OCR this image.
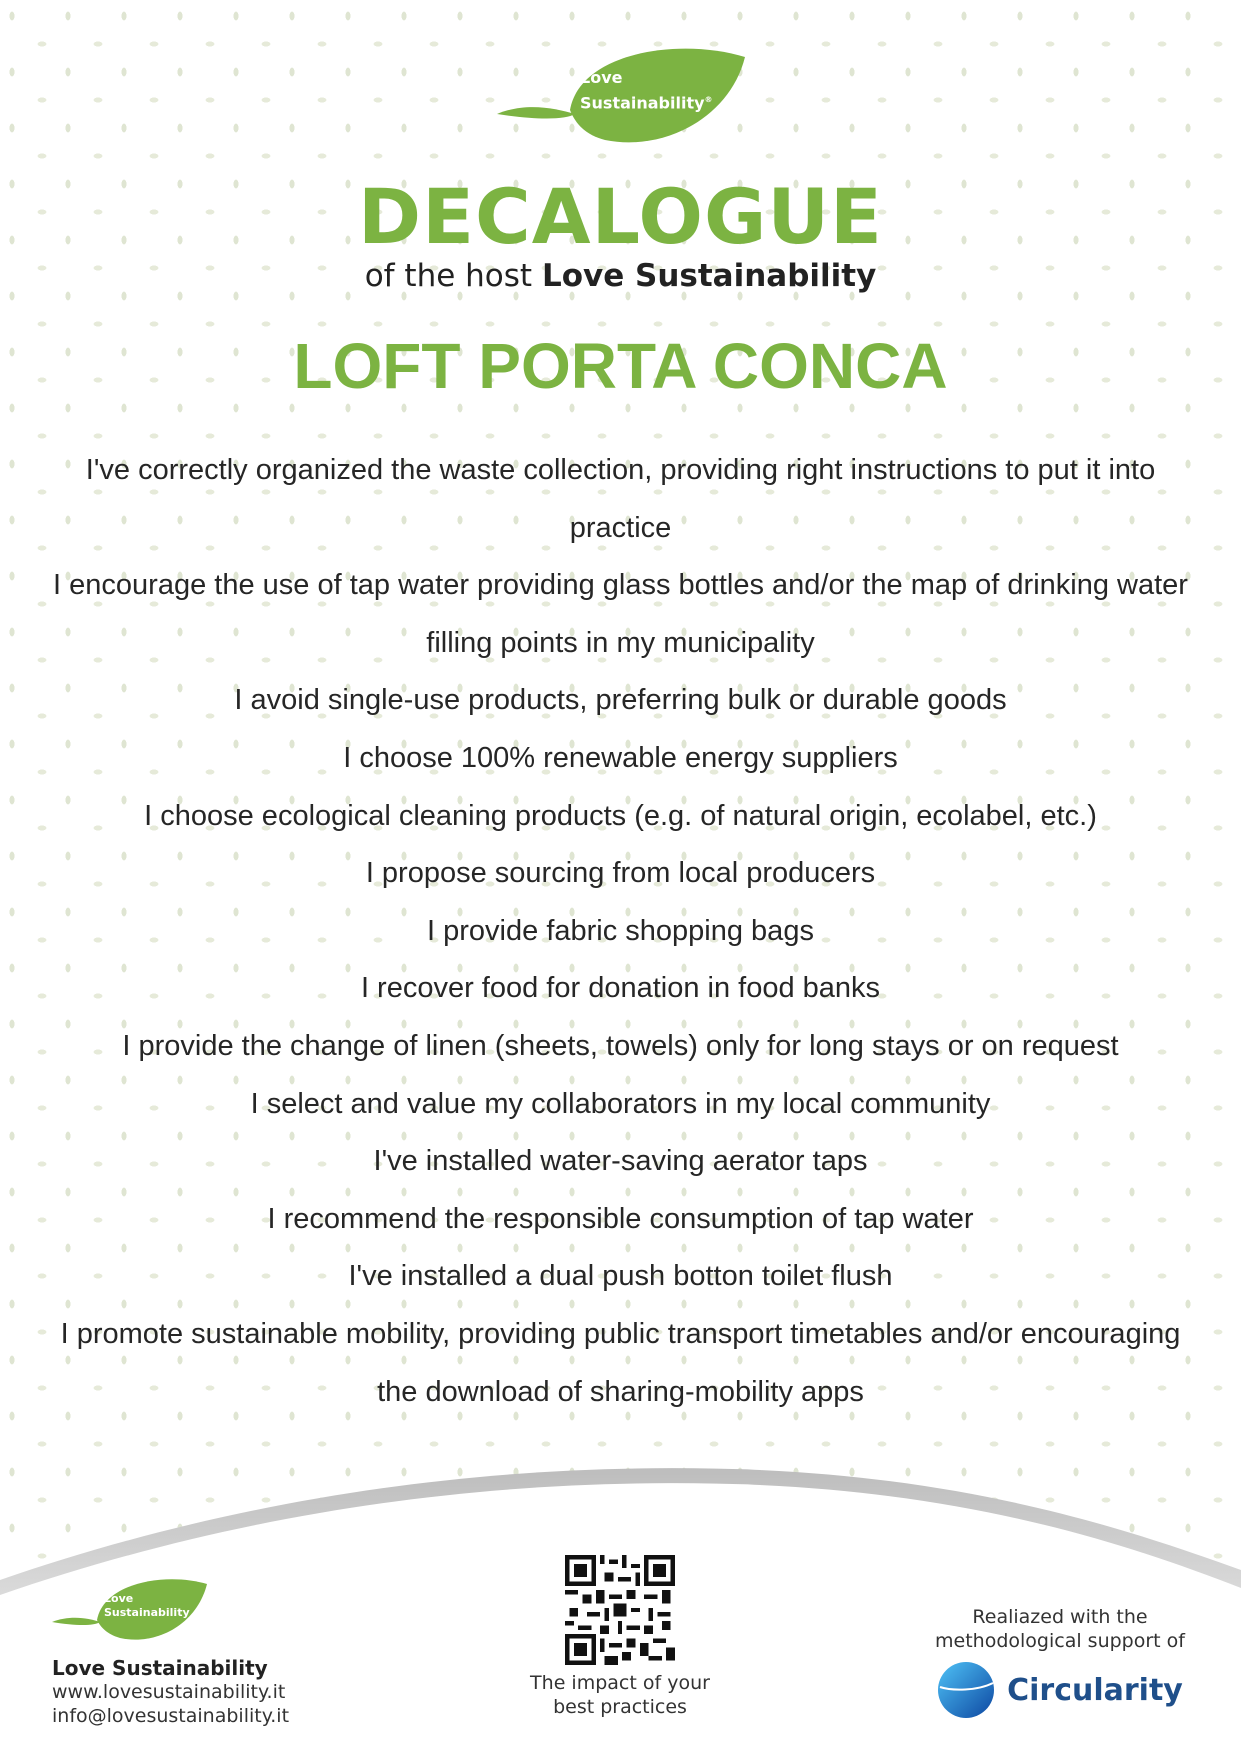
Love
Sustainability®
DECALOGUE
of the host Love Sustainability
LOFT PORTA CONCA

I've correctly organized the waste collection, providing right instructions to put it into practice

I encourage the use of tap water providing glass bottles and/or the map of drinking water filling points in my municipality

I avoid single-use products, preferring bulk or durable goods

I choose 100% renewable energy suppliers

I choose ecological cleaning products (e.g. of natural origin, ecolabel, etc.)

I propose sourcing from local producers

I provide fabric shopping bags

I recover food for donation in food banks

I provide the change of linen (sheets, towels) only for long stays or on request

I select and value my collaborators in my local community

I've installed water-saving aerator taps

I recommend the responsible consumption of tap water

I've installed a dual push botton toilet flush

I promote sustainable mobility, providing public transport timetables and/or encouraging the download of sharing-mobility apps

Love
Sustainability
Love Sustainability
www.lovesustainability.it
info@lovesustainability.it
The impact of your
best practices
Realiazed with the
methodological support of
Circularity
